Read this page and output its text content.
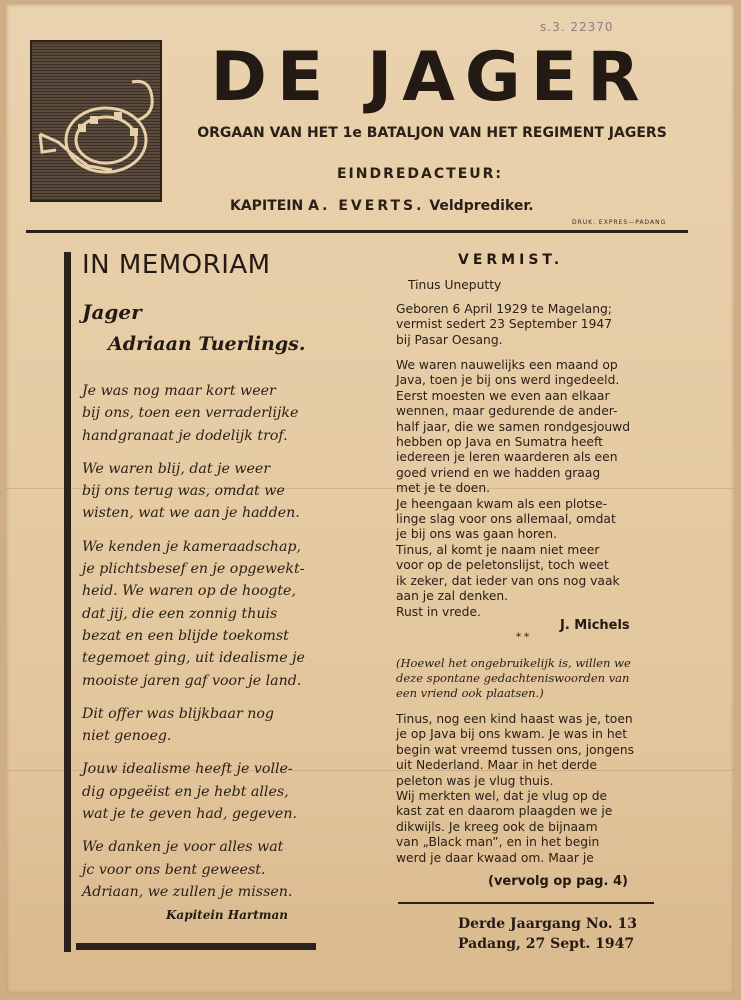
s.3. 22370
DE JAGER
ORGAAN VAN HET 1e BATALJON VAN HET REGIMENT JAGERS
EINDREDACTEUR:
KAPITEIN A. EVERTS. Veldprediker.
DRUK. EXPRES—PADANG
IN MEMORIAM
Jager
Adriaan Tuerlings.

Je was nog maar kort weer
bij ons, toen een verraderlijke
handgranaat je dodelijk trof.

We waren blij, dat je weer
bij ons terug was, omdat we
wisten, wat we aan je hadden.

We kenden je kameraadschap,
je plichtsbesef en je opgewekt-
heid. We waren op de hoogte,
dat jij, die een zonnig thuis
bezat en een blijde toekomst
tegemoet ging, uit idealisme je
mooiste jaren gaf voor je land.

Dit offer was blijkbaar nog
niet genoeg.

Jouw idealisme heeft je volle-
dig opgeëist en je hebt alles,
wat je te geven had, gegeven.

We danken je voor alles wat
jc voor ons bent geweest.
Adriaan, we zullen je missen.

Kapitein Hartman
VERMIST.
Tinus Uneputty
Geboren 6 April 1929 te Magelang;
vermist sedert 23 September 1947
bij Pasar Oesang.
We waren nauwelijks een maand op
Java, toen je bij ons werd ingedeeld.
Eerst moesten we even aan elkaar
wennen, maar gedurende de ander-
half jaar, die we samen rondgesjouwd
hebben op Java en Sumatra heeft
iedereen je leren waarderen als een
goed vriend en we hadden graag
met je te doen.
Je heengaan kwam als een plotse-
linge slag voor ons allemaal, omdat
je bij ons was gaan horen.
Tinus, al komt je naam niet meer
voor op de peletonslijst, toch weet
ik zeker, dat ieder van ons nog vaak
aan je zal denken.
Rust in vrede.
J. Michels
* *
(Hoewel het ongebruikelijk is, willen we
deze spontane gedachteniswoorden van
een vriend ook plaatsen.)
Tinus, nog een kind haast was je, toen
je op Java bij ons kwam. Je was in het
begin wat vreemd tussen ons, jongens
uit Nederland. Maar in het derde
peleton was je vlug thuis.
Wij merkten wel, dat je vlug op de
kast zat en daarom plaagden we je
dikwijls. Je kreeg ook de bijnaam
van „Black man”, en in het begin
werd je daar kwaad om. Maar je
(vervolg op pag. 4)
Derde Jaargang No. 13
Padang, 27 Sept. 1947
